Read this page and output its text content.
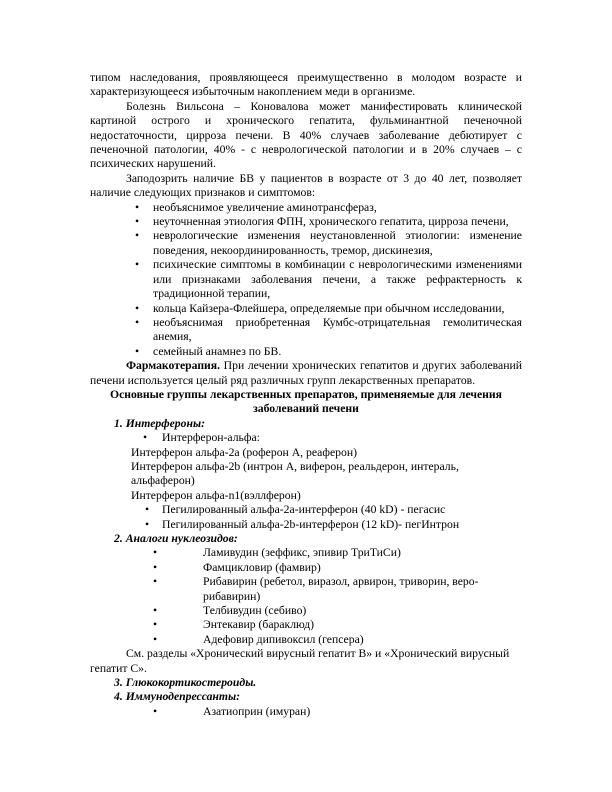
типом наследования, проявляющееся преимущественно в молодом возрасте и характеризующееся избыточным накоплением меди в организме.

Болезнь Вильсона – Коновалова может манифестировать клинической картиной острого и хронического гепатита, фульминантной печеночной недостаточности, цирроза печени. В 40% случаев заболевание дебютирует с печеночной патологии, 40% - с неврологической патологии и в 20% случаев – с психических нарушений.

Заподозрить наличие БВ у пациентов в возрасте от 3 до 40 лет, позволяет наличие следующих признаков и симптомов:

• необъяснимое увеличение аминотрансфераз,
• неуточненная этиология ФПН, хронического гепатита, цирроза печени,
• неврологические изменения неустановленной этиологии: изменение поведения, некоординированность, тремор, дискинезия,
• психические симптомы в комбинации с неврологическими изменениями или признаками заболевания печени, а также рефрактерность к традиционной терапии,
• кольца Кайзера-Флейшера, определяемые при обычном исследовании,
• необъяснимая приобретенная Кумбс-отрицательная гемолитическая анемия,
• семейный анамнез по БВ.

Фармакотерапия. При лечении хронических гепатитов и других заболеваний печени используется целый ряд различных групп лекарственных препаратов.

Основные группы лекарственных препаратов, применяемые для лечения заболеваний печени

1. Интерфероны:

• Интерферон-альфа:
Интерферон альфа-2а (роферон А, реаферон)
Интерферон альфа-2b (интрон А, виферон, реальдерон, интераль, альфаферон)
Интерферон альфа-n1(вэллферон)
• Пегилированный альфа-2а-интерферон (40 kD) - пегасис
• Пегилированный альфа-2b-интерферон (12 kD)- пегИнтрон

2. Аналоги нуклеозидов:

• Ламивудин (зеффикс, эпивир ТриТиСи)
• Фамцикловир (фамвир)
• Рибавирин (ребетол, виразол, арвирон, триворин, веро-рибавирин)
• Телбивудин (себиво)
• Энтекавир (бараклюд)
• Адефовир дипивоксил (гепсера)

См. разделы «Хронический вирусный гепатит В» и «Хронический вирусный гепатит С».

3. Глюкокортикостероиды.

4. Иммунодепрессанты:

• Азатиоприн (имуран)
